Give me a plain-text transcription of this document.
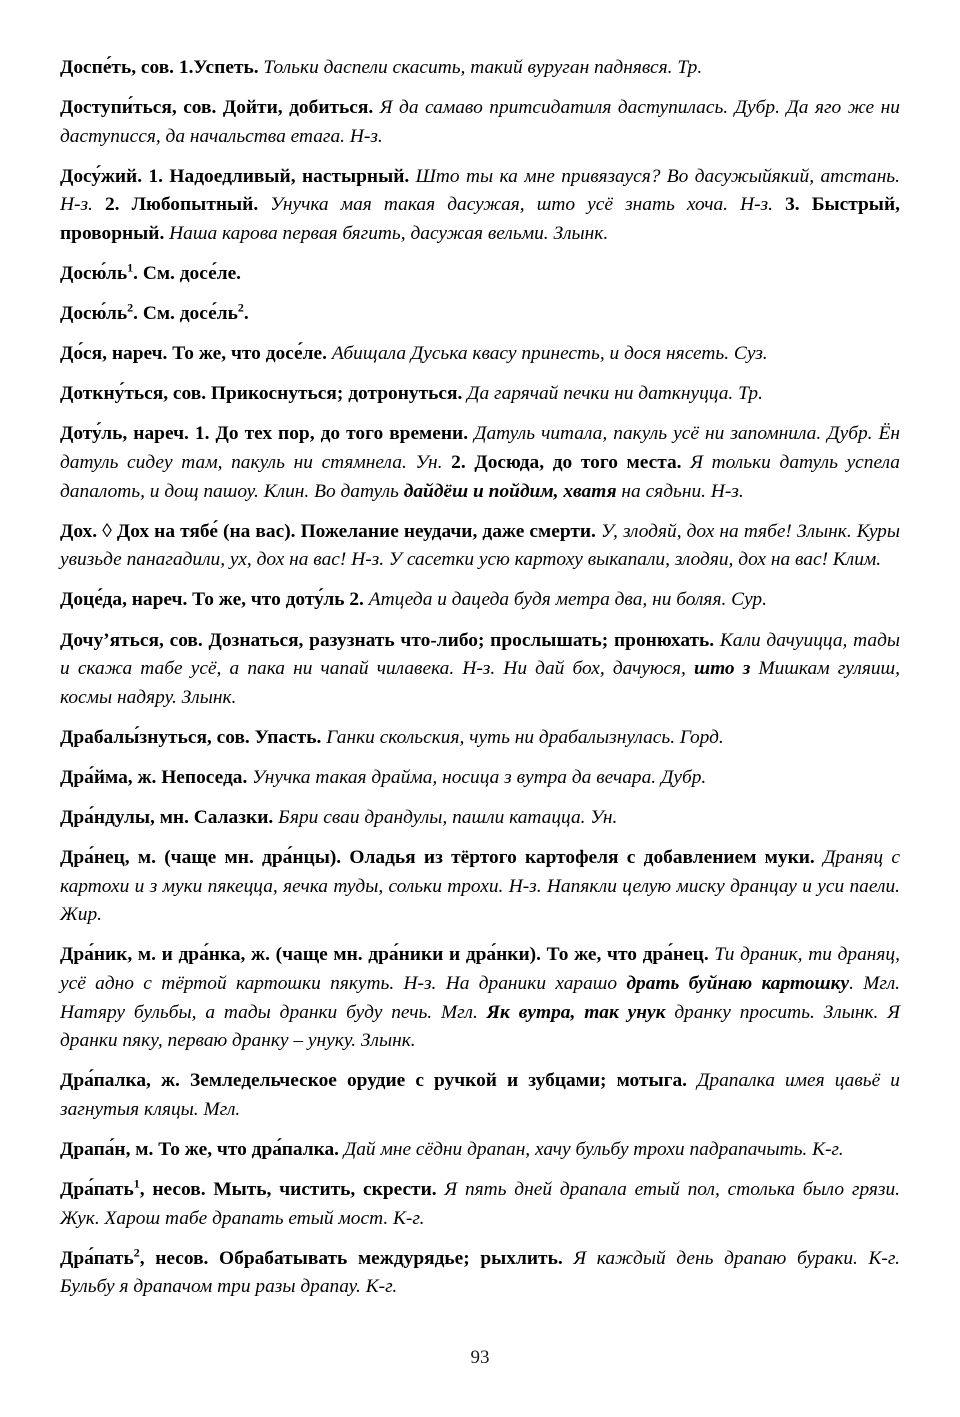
Доспе́ть, сов. 1.Успеть. Тольки даспели скасить, такий вуруган паднявся. Тр.

Доступи́ться, сов. Дойти, добиться. Я да самаво притсидатиля даступилась. Дубр. Да яго же ни даступисся, да начальства етага. Н-з.

Досу́жий. 1. Надоедливый, настырный. Што ты ка мне привязауся? Во дасужыйякий, атстань. Н-з. 2. Любопытный. Унучка мая такая дасужая, што усё знать хоча. Н-з. 3. Быстрый, проворный. Наша карова первая бягить, дасужая вельми. Злынк.

$Досю́ль^1$. См. досе́ле.

$Досю́ль^2$. См. $досе́ль^2$.

До́ся, нареч. То же, что досе́ле. Абищала Дуська квасу принесть, и дося нясеть. Суз.

Доткну́ться, сов. Прикоснуться; дотронуться. Да гарячай печки ни даткнуцца. Тр.

Доту́ль, нареч. 1. До тех пор, до того времени. Датуль читала, пакуль усё ни запомнила. Дубр. Ён датуль сидеу там, пакуль ни стямнела. Ун. 2. Досюда, до того места. Я тольки датуль успела дапалоть, и дощ пашоу. Клин. Во датуль дайдёш и пойдим, хватя на сядьни. Н-з.

Дох. ◊ Дох на тябе́ (на вас). Пожелание неудачи, даже смерти. У, злодяй, дох на тябе! Злынк. Куры увизьде панагадили, ух, дох на вас! Н-з. У сасетки усю картоху выкапали, злодяи, дох на вас! Клим.

Доце́да, нареч. То же, что доту́ль 2. Атцеда и дацеда будя метра два, ни боляя. Сур.

Дочу’яться, сов. Дознаться, разузнать что-либо; прослышать; пронюхать. Кали дачуицца, тады и скажа табе усё, а пака ни чапай чилавека. Н-з. Ни дай бох, дачуюся, што з Мишкам гуляиш, космы надяру. Злынк.

Драбалы́знуться, сов. Упасть. Ганки скольския, чуть ни драбалызнулась. Горд.

Дра́йма, ж. Непоседа. Унучка такая драйма, носица з вутра да вечара. Дубр.

Дра́ндулы, мн. Салазки. Бяри сваи драндулы, пашли катацца. Ун.

Дра́нец, м. (чаще мн. дра́нцы). Оладья из тёртого картофеля с добавлением муки. Драняц с картохи и з муки пякецца, яечка туды, сольки трохи. Н-з. Напякли целую миску дранцау и уси паели. Жир.

Дра́ник, м. и дра́нка, ж. (чаще мн. дра́ники и дра́нки). То же, что дра́нец. Ти драник, ти драняц, усё адно с тёртой картошки пякуть. Н-з. На драники харашо драть буйнаю картошку. Мгл. Натяру бульбы, а тады дранки буду печь. Мгл. Як вутра, так унук дранку просить. Злынк. Я дранки пяку, перваю дранку – унуку. Злынк.

Дра́палка, ж. Земледельческое орудие с ручкой и зубцами; мотыга. Драпалка имея цавьё и загнутыя кляцы. Мгл.

Драпа́н, м. То же, что дра́палка. Дай мне сёдни драпан, хачу бульбу трохи падрапачыть. К-г.

Дра́пать$^1$, несов. Мыть, чистить, скрести. Я пять дней драпала етый пол, столька было грязи. Жук. Харош табе драпать етый мост. К-г.

Дра́пать$^2$, несов. Обрабатывать междурядье; рыхлить. Я каждый день драпаю бураки. К-г. Бульбу я драпачом три разы драпау. К-г.

93
